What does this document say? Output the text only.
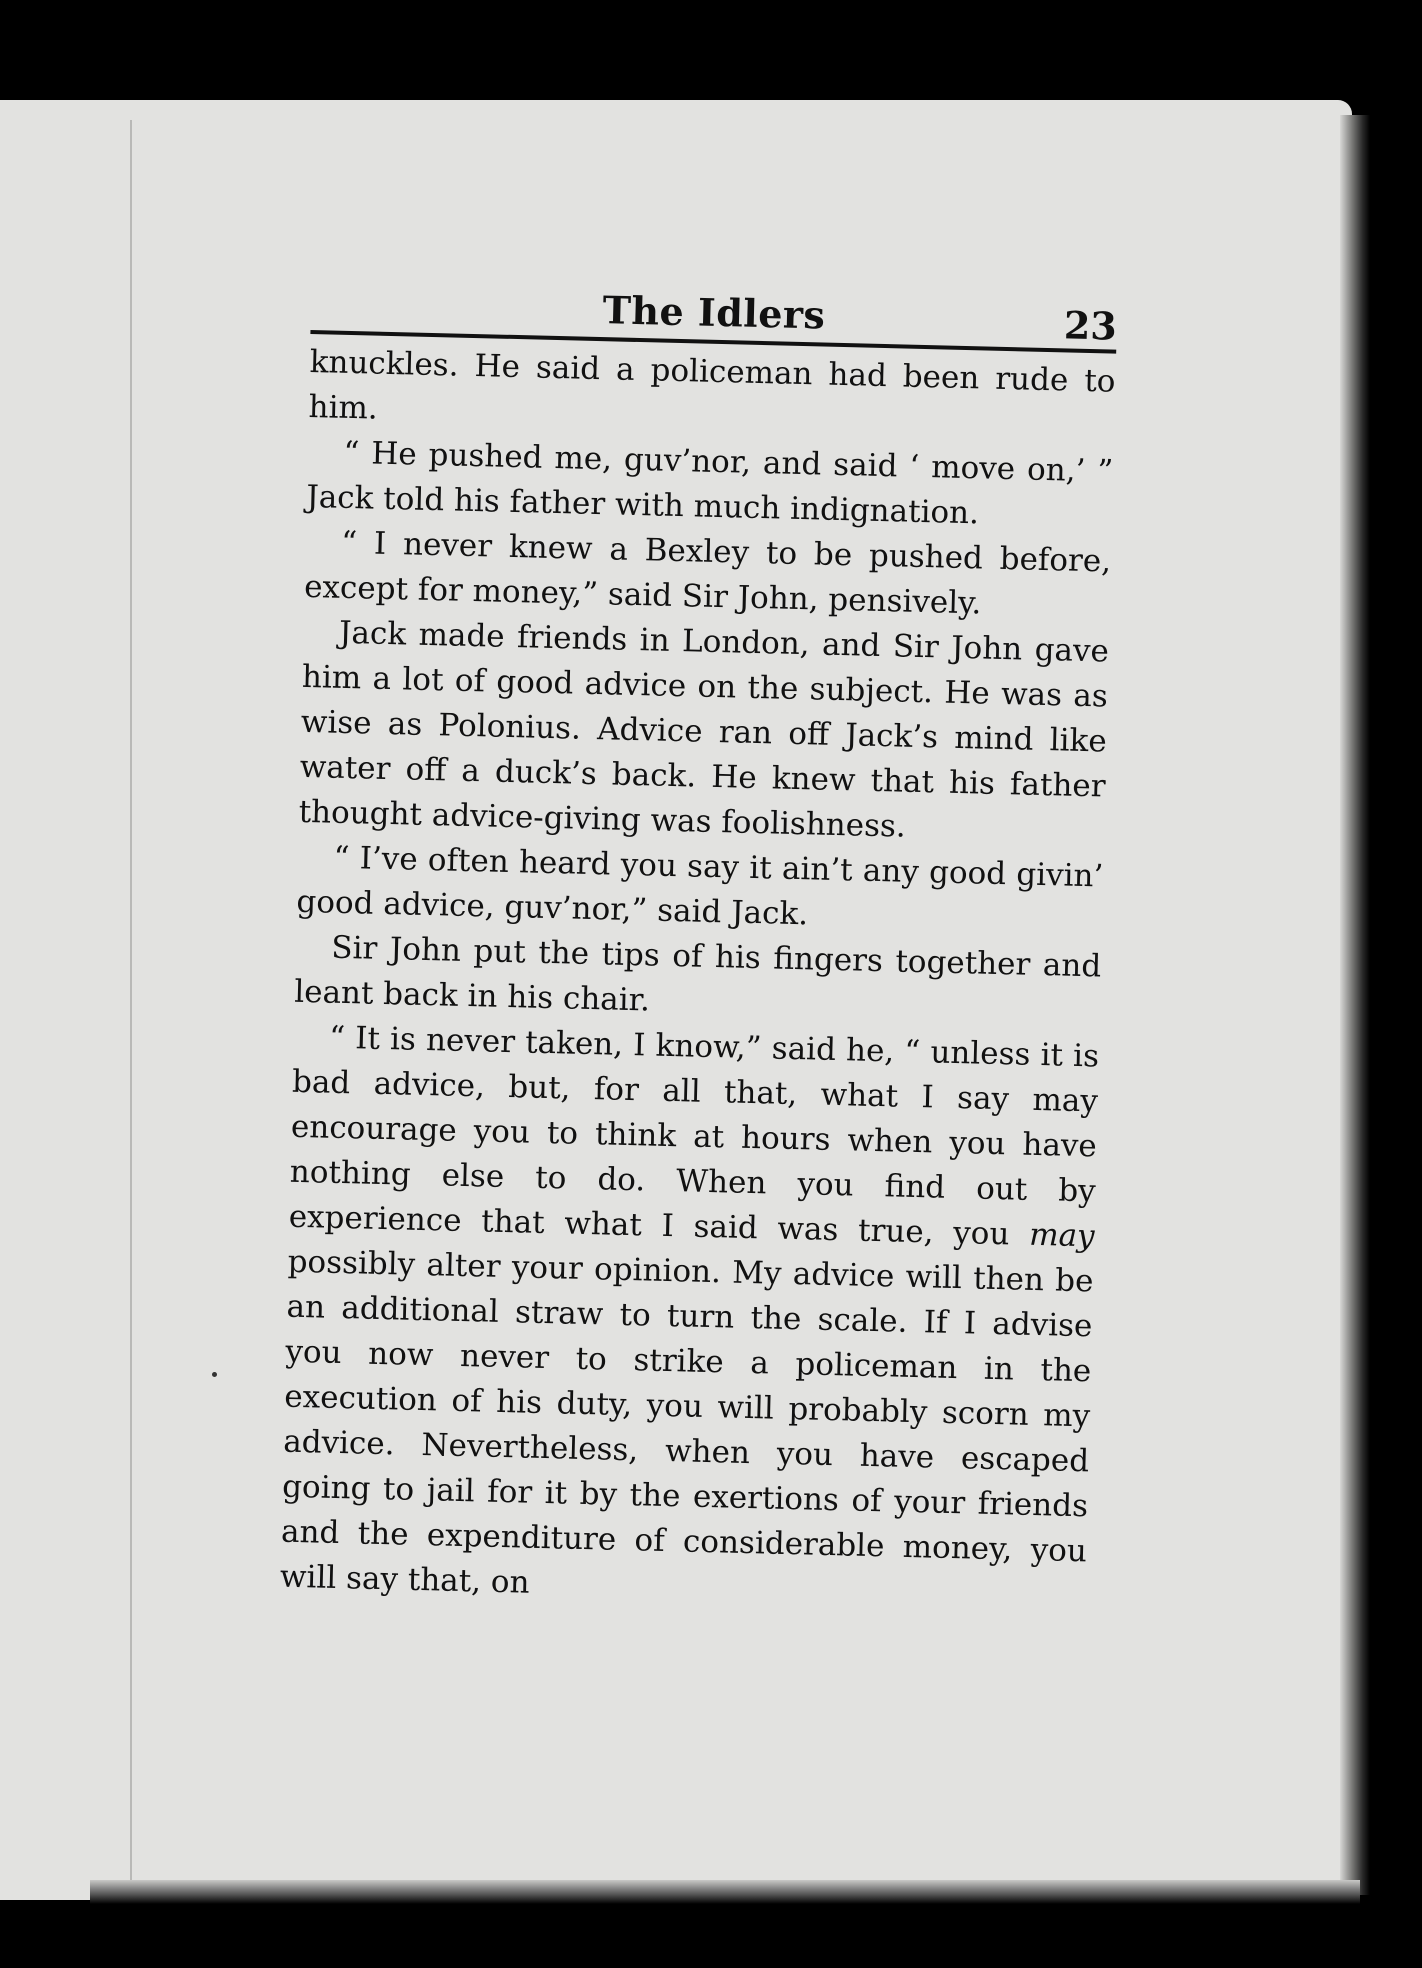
The Idlers	23

knuckles. He said a policeman had been rude to him.

“ He pushed me, guv’nor, and said ‘ move on,’ ” Jack told his father with much indignation.

“ I never knew a Bexley to be pushed before, except for money,” said Sir John, pensively.

Jack made friends in London, and Sir John gave him a lot of good advice on the subject. He was as wise as Polonius. Advice ran off Jack’s mind like water off a duck’s back. He knew that his father thought advice-giving was foolishness.

“ I’ve often heard you say it ain’t any good givin’ good advice, guv’nor,” said Jack.

Sir John put the tips of his fingers together and leant back in his chair.

“ It is never taken, I know,” said he, “ unless it is bad advice, but, for all that, what I say may encourage you to think at hours when you have nothing else to do. When you find out by experience that what I said was true, you may possibly alter your opinion. My advice will then be an additional straw to turn the scale. If I advise you now never to strike a policeman in the execution of his duty, you will probably scorn my advice. Nevertheless, when you have escaped going to jail for it by the exertions of your friends and the expenditure of considerable money, you will say that, on
